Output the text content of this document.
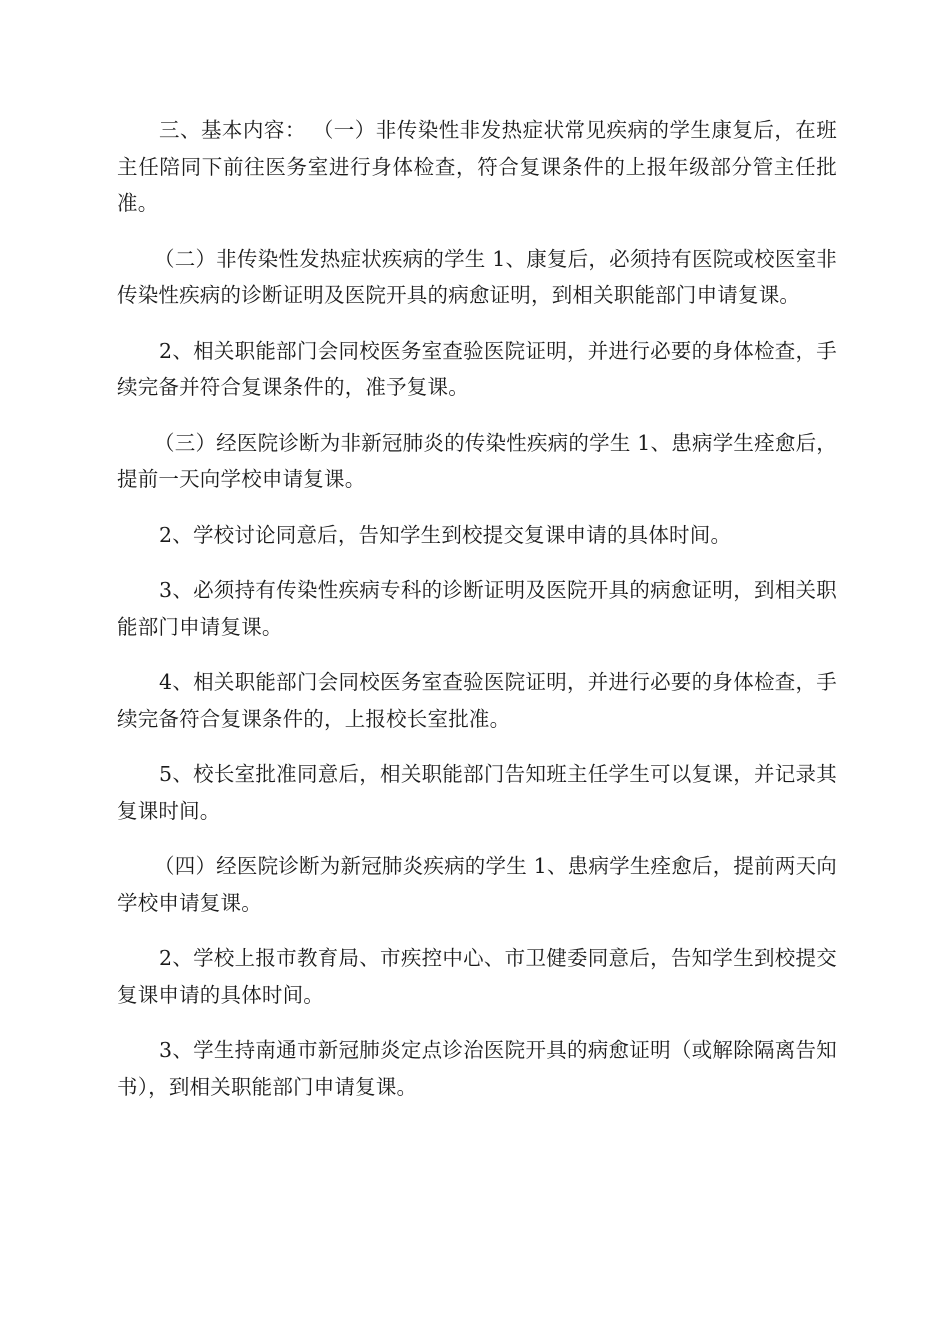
三、基本内容： （一）非传染性非发热症状常见疾病的学生康复后，在班主任陪同下前往医务室进行身体检查，符合复课条件的上报年级部分管主任批准。

（二）非传染性发热症状疾病的学生 1、康复后，必须持有医院或校医室非传染性疾病的诊断证明及医院开具的病愈证明，到相关职能部门申请复课。

2、相关职能部门会同校医务室查验医院证明，并进行必要的身体检查，手续完备并符合复课条件的，准予复课。

（三）经医院诊断为非新冠肺炎的传染性疾病的学生 1、患病学生痊愈后，提前一天向学校申请复课。

2、学校讨论同意后，告知学生到校提交复课申请的具体时间。

3、必须持有传染性疾病专科的诊断证明及医院开具的病愈证明，到相关职能部门申请复课。

4、相关职能部门会同校医务室查验医院证明，并进行必要的身体检查，手续完备符合复课条件的，上报校长室批准。

5、校长室批准同意后，相关职能部门告知班主任学生可以复课，并记录其复课时间。

（四）经医院诊断为新冠肺炎疾病的学生 1、患病学生痊愈后，提前两天向学校申请复课。

2、学校上报市教育局、市疾控中心、市卫健委同意后，告知学生到校提交复课申请的具体时间。

3、学生持南通市新冠肺炎定点诊治医院开具的病愈证明（或解除隔离告知书），到相关职能部门申请复课。
